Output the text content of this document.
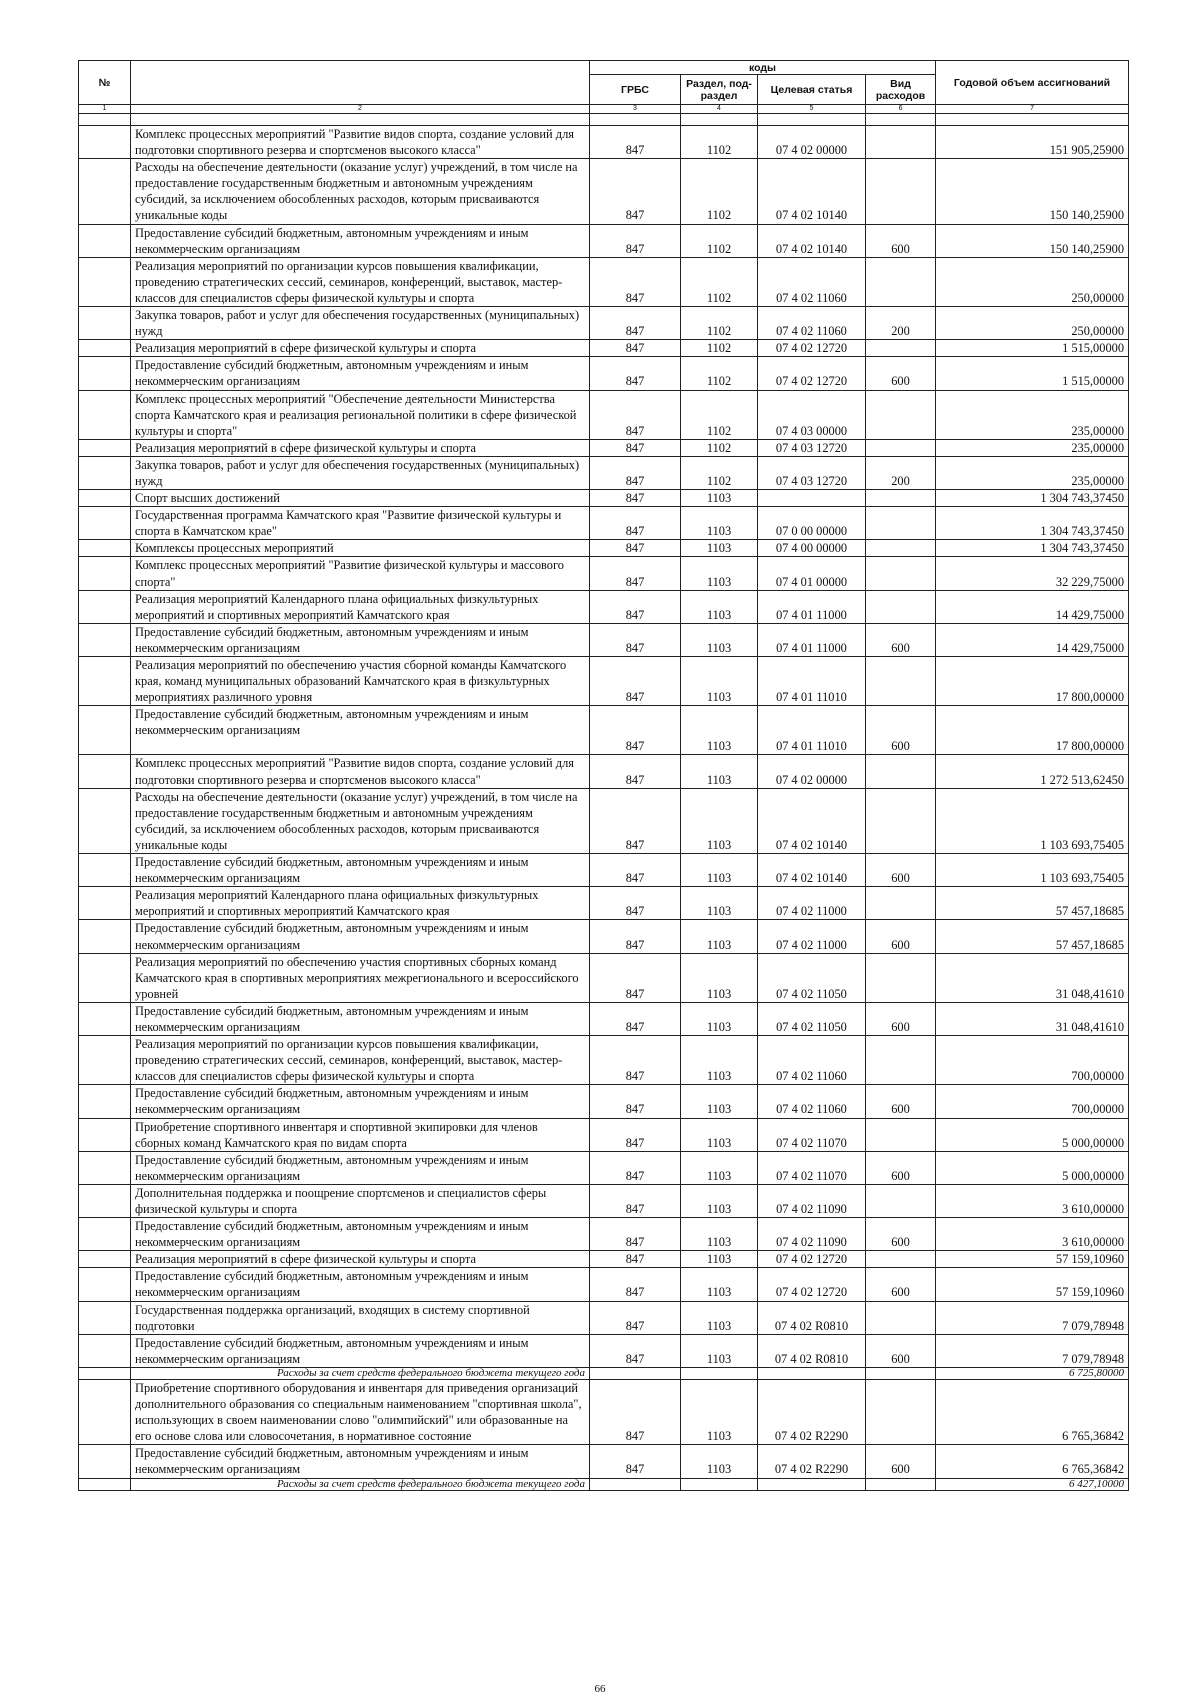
№		коды				Годовой объем ассигнований
		ГРБС	Раздел, под-раздел	Целевая статья	Вид расходов	
1	2	3	4	5	6	7

	Комплекс процессных мероприятий "Развитие видов спорта, создание условий для подготовки спортивного резерва и спортсменов высокого класса"	847	1102	07 4 02 00000		151 905,25900
	Расходы на обеспечение деятельности (оказание услуг) учреждений, в том числе на предоставление государственным бюджетным и автономным учреждениям субсидий, за исключением обособленных расходов, которым присваиваются уникальные коды	847	1102	07 4 02 10140		150 140,25900
	Предоставление субсидий бюджетным, автономным учреждениям и иным некоммерческим организациям	847	1102	07 4 02 10140	600	150 140,25900
	Реализация мероприятий по организации курсов повышения квалификации, проведению стратегических сессий, семинаров, конференций, выставок, мастер-классов для специалистов сферы физической культуры и спорта	847	1102	07 4 02 11060		250,00000
	Закупка товаров, работ и услуг для обеспечения государственных (муниципальных) нужд	847	1102	07 4 02 11060	200	250,00000
	Реализация мероприятий в сфере физической культуры и спорта	847	1102	07 4 02 12720		1 515,00000
	Предоставление субсидий бюджетным, автономным учреждениям и иным некоммерческим организациям	847	1102	07 4 02 12720	600	1 515,00000
	Комплекс процессных мероприятий "Обеспечение деятельности Министерства спорта Камчатского края и реализация региональной политики в сфере физической культуры и спорта"	847	1102	07 4 03 00000		235,00000
	Реализация мероприятий в сфере физической культуры и спорта	847	1102	07 4 03 12720		235,00000
	Закупка товаров, работ и услуг для обеспечения государственных (муниципальных) нужд	847	1102	07 4 03 12720	200	235,00000
	Спорт высших достижений	847	1103			1 304 743,37450
	Государственная программа Камчатского края "Развитие физической культуры и спорта в Камчатском крае"	847	1103	07 0 00 00000		1 304 743,37450
	Комплексы процессных мероприятий	847	1103	07 4 00 00000		1 304 743,37450
	Комплекс процессных мероприятий "Развитие физической культуры и массового спорта"	847	1103	07 4 01 00000		32 229,75000
	Реализация мероприятий Календарного плана официальных физкультурных мероприятий и спортивных мероприятий Камчатского края	847	1103	07 4 01 11000		14 429,75000
	Предоставление субсидий бюджетным, автономным учреждениям и иным некоммерческим организациям	847	1103	07 4 01 11000	600	14 429,75000
	Реализация мероприятий по обеспечению участия сборной команды Камчатского края, команд муниципальных образований Камчатского края в физкультурных мероприятиях различного уровня	847	1103	07 4 01 11010		17 800,00000
	Предоставление субсидий бюджетным, автономным учреждениям и иным некоммерческим организациям	847	1103	07 4 01 11010	600	17 800,00000
	Комплекс процессных мероприятий "Развитие видов спорта, создание условий для подготовки спортивного резерва и спортсменов высокого класса"	847	1103	07 4 02 00000		1 272 513,62450
	Расходы на обеспечение деятельности (оказание услуг) учреждений, в том числе на предоставление государственным бюджетным и автономным учреждениям субсидий, за исключением обособленных расходов, которым присваиваются уникальные коды	847	1103	07 4 02 10140		1 103 693,75405
	Предоставление субсидий бюджетным, автономным учреждениям и иным некоммерческим организациям	847	1103	07 4 02 10140	600	1 103 693,75405
	Реализация мероприятий Календарного плана официальных физкультурных мероприятий и спортивных мероприятий Камчатского края	847	1103	07 4 02 11000		57 457,18685
	Предоставление субсидий бюджетным, автономным учреждениям и иным некоммерческим организациям	847	1103	07 4 02 11000	600	57 457,18685
	Реализация мероприятий по обеспечению участия спортивных сборных команд Камчатского края в спортивных мероприятиях межрегионального и всероссийского уровней	847	1103	07 4 02 11050		31 048,41610
	Предоставление субсидий бюджетным, автономным учреждениям и иным некоммерческим организациям	847	1103	07 4 02 11050	600	31 048,41610
	Реализация мероприятий по организации курсов повышения квалификации, проведению стратегических сессий, семинаров, конференций, выставок, мастер-классов для специалистов сферы физической культуры и спорта	847	1103	07 4 02 11060		700,00000
	Предоставление субсидий бюджетным, автономным учреждениям и иным некоммерческим организациям	847	1103	07 4 02 11060	600	700,00000
	Приобретение спортивного инвентаря и спортивной экипировки для членов сборных команд Камчатского края по видам спорта	847	1103	07 4 02 11070		5 000,00000
	Предоставление субсидий бюджетным, автономным учреждениям и иным некоммерческим организациям	847	1103	07 4 02 11070	600	5 000,00000
	Дополнительная поддержка и поощрение спортсменов и специалистов сферы физической культуры и спорта	847	1103	07 4 02 11090		3 610,00000
	Предоставление субсидий бюджетным, автономным учреждениям и иным некоммерческим организациям	847	1103	07 4 02 11090	600	3 610,00000
	Реализация мероприятий в сфере физической культуры и спорта	847	1103	07 4 02 12720		57 159,10960
	Предоставление субсидий бюджетным, автономным учреждениям и иным некоммерческим организациям	847	1103	07 4 02 12720	600	57 159,10960
	Государственная поддержка организаций, входящих в систему спортивной подготовки	847	1103	07 4 02 R0810		7 079,78948
	Предоставление субсидий бюджетным, автономным учреждениям и иным некоммерческим организациям	847	1103	07 4 02 R0810	600	7 079,78948
	Расходы за счет средств федерального бюджета текущего года					6 725,80000
	Приобретение спортивного оборудования и инвентаря для приведения организаций дополнительного образования со специальным наименованием "спортивная школа", использующих в своем наименовании слово "олимпийский" или образованные на его основе слова или словосочетания, в нормативное состояние	847	1103	07 4 02 R2290		6 765,36842
	Предоставление субсидий бюджетным, автономным учреждениям и иным некоммерческим организациям	847	1103	07 4 02 R2290	600	6 765,36842
	Расходы за счет средств федерального бюджета текущего года					6 427,10000
66
